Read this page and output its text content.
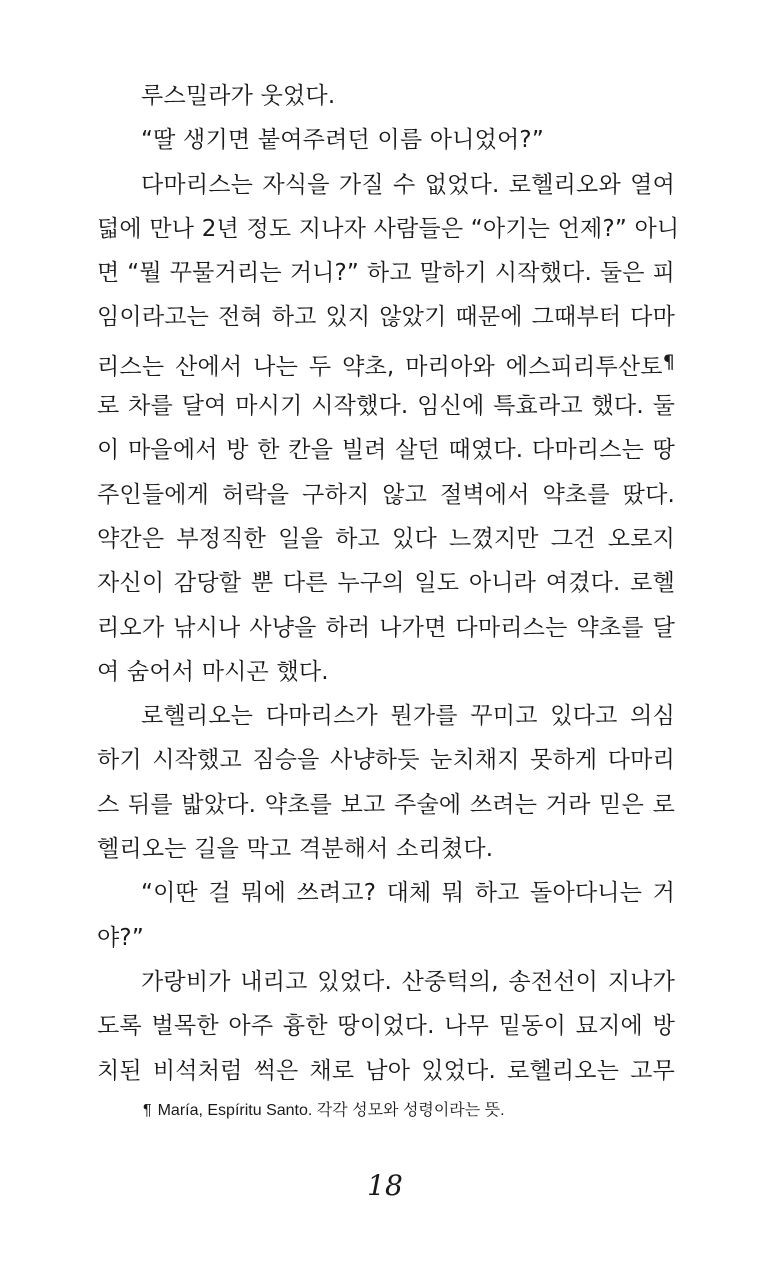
루스밀라가 웃었다.
“딸 생기면 붙여주려던 이름 아니었어?”
다마리스는 자식을 가질 수 없었다. 로헬리오와 열여
덟에 만나 2년 정도 지나자 사람들은 “아기는 언제?” 아니
면 “뭘 꾸물거리는 거니?” 하고 말하기 시작했다. 둘은 피
임이라고는 전혀 하고 있지 않았기 때문에 그때부터 다마
리스는 산에서 나는 두 약초, 마리아와 에스피리투산토¶
로 차를 달여 마시기 시작했다. 임신에 특효라고 했다. 둘
이 마을에서 방 한 칸을 빌려 살던 때였다. 다마리스는 땅
주인들에게 허락을 구하지 않고 절벽에서 약초를 땄다.
약간은 부정직한 일을 하고 있다 느꼈지만 그건 오로지
자신이 감당할 뿐 다른 누구의 일도 아니라 여겼다. 로헬
리오가 낚시나 사냥을 하러 나가면 다마리스는 약초를 달
여 숨어서 마시곤 했다.
로헬리오는 다마리스가 뭔가를 꾸미고 있다고 의심
하기 시작했고 짐승을 사냥하듯 눈치채지 못하게 다마리
스 뒤를 밟았다. 약초를 보고 주술에 쓰려는 거라 믿은 로
헬리오는 길을 막고 격분해서 소리쳤다.
“이딴 걸 뭐에 쓰려고? 대체 뭐 하고 돌아다니는 거
야?”
가랑비가 내리고 있었다. 산중턱의, 송전선이 지나가
도록 벌목한 아주 흉한 땅이었다. 나무 밑동이 묘지에 방
치된 비석처럼 썩은 채로 남아 있었다. 로헬리오는 고무
¶ María, Espíritu Santo. 각각 성모와 성령이라는 뜻.
18
